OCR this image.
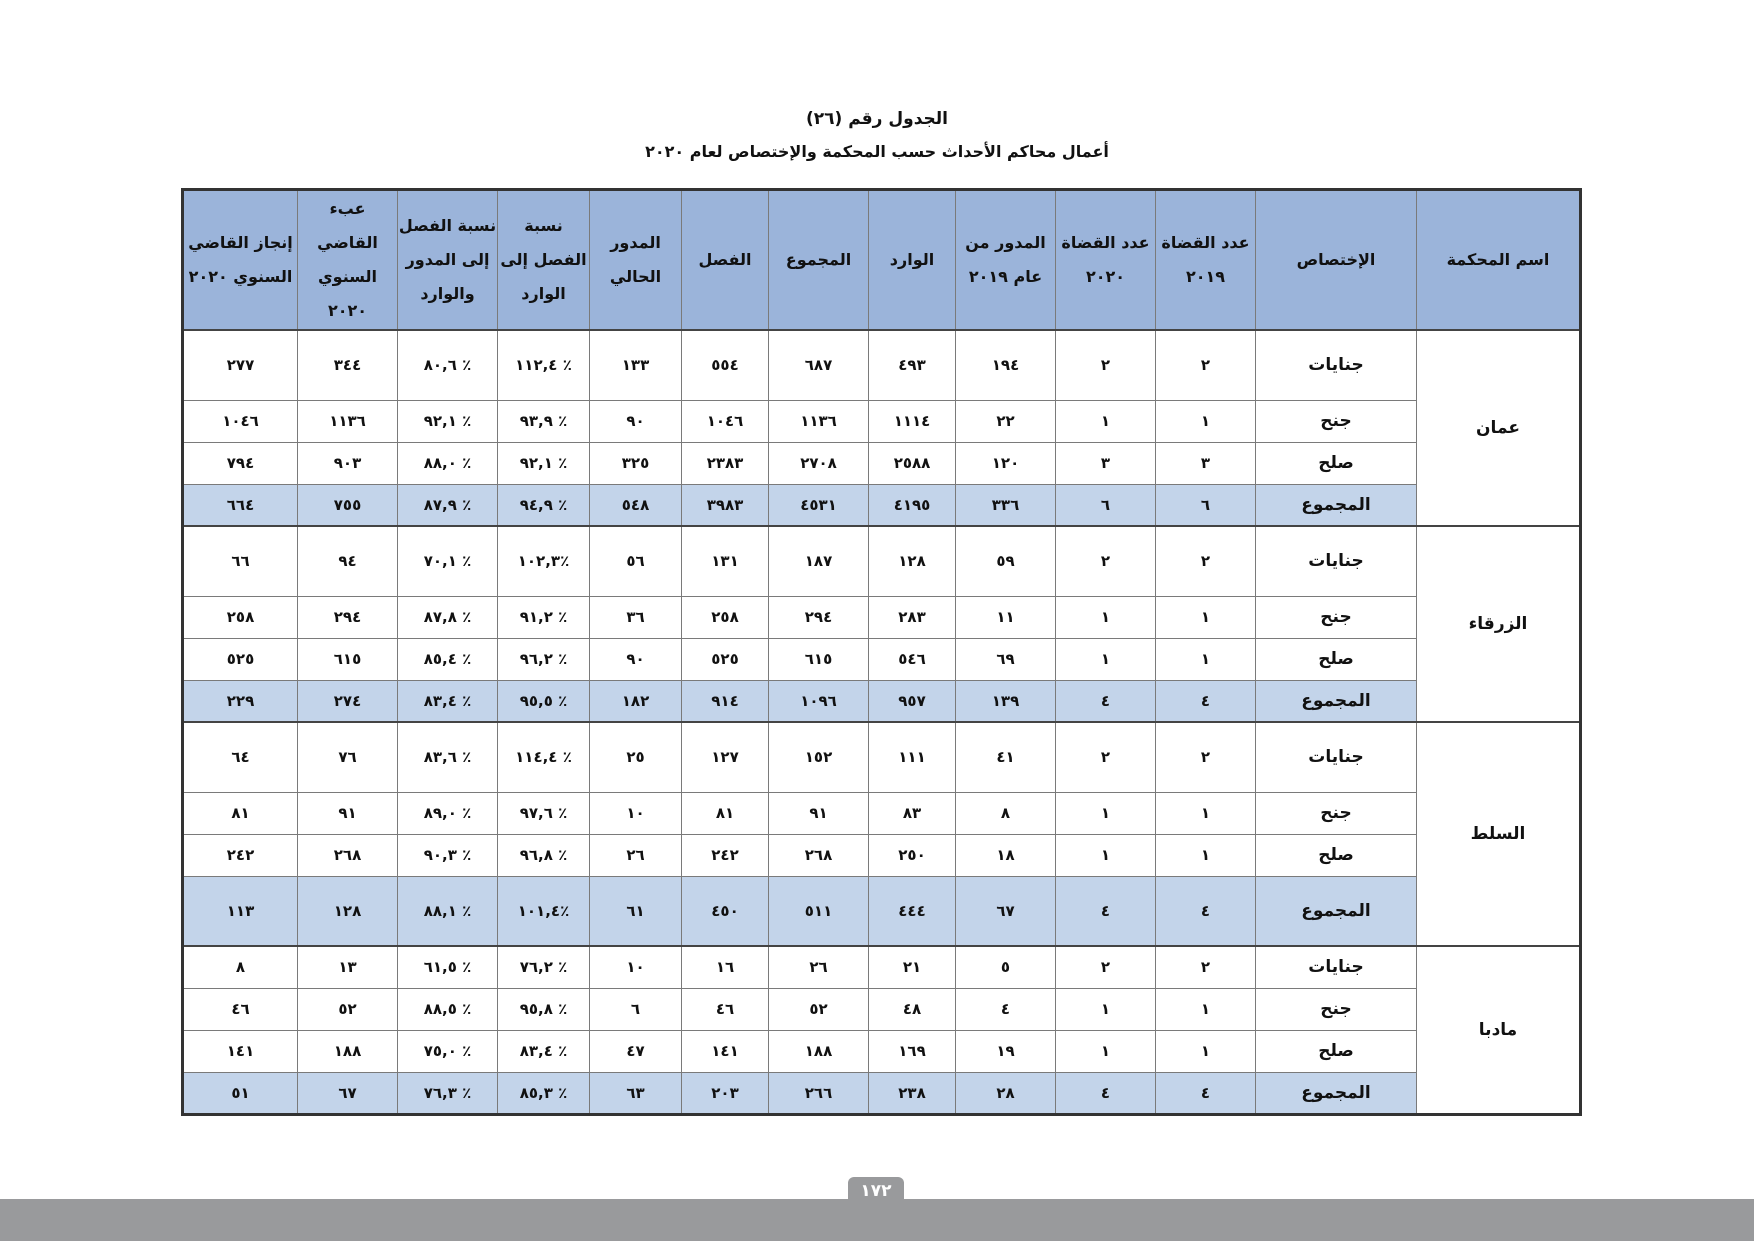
الجدول رقم (٢٦)
أعمال محاكم الأحداث حسب المحكمة والإختصاص لعام ٢٠٢٠
اسم المحكمة	الإختصاص	عدد القضاة ٢٠١٩	عدد القضاة ٢٠٢٠	المدور من عام ٢٠١٩	الوارد	المجموع	الفصل	المدور الحالي	نسبة الفصل إلى الوارد	نسبة الفصل إلى المدور والوارد	عبء القاضي السنوي ٢٠٢٠	إنجاز القاضي السنوي ٢٠٢٠
عمان	جنايات	٢	٢	١٩٤	٤٩٣	٦٨٧	٥٥٤	١٣٣	٪ ١١٢,٤	٪ ٨٠,٦	٣٤٤	٢٧٧
	جنح	١	١	٢٢	١١١٤	١١٣٦	١٠٤٦	٩٠	٪ ٩٣,٩	٪ ٩٢,١	١١٣٦	١٠٤٦
	صلح	٣	٣	١٢٠	٢٥٨٨	٢٧٠٨	٢٣٨٣	٣٢٥	٪ ٩٢,١	٪ ٨٨,٠	٩٠٣	٧٩٤
	المجموع	٦	٦	٣٣٦	٤١٩٥	٤٥٣١	٣٩٨٣	٥٤٨	٪ ٩٤,٩	٪ ٨٧,٩	٧٥٥	٦٦٤
الزرقاء	جنايات	٢	٢	٥٩	١٢٨	١٨٧	١٣١	٥٦	٪١٠٢,٣	٪ ٧٠,١	٩٤	٦٦
	جنح	١	١	١١	٢٨٣	٢٩٤	٢٥٨	٣٦	٪ ٩١,٢	٪ ٨٧,٨	٢٩٤	٢٥٨
	صلح	١	١	٦٩	٥٤٦	٦١٥	٥٢٥	٩٠	٪ ٩٦,٢	٪ ٨٥,٤	٦١٥	٥٢٥
	المجموع	٤	٤	١٣٩	٩٥٧	١٠٩٦	٩١٤	١٨٢	٪ ٩٥,٥	٪ ٨٣,٤	٢٧٤	٢٢٩
السلط	جنايات	٢	٢	٤١	١١١	١٥٢	١٢٧	٢٥	٪ ١١٤,٤	٪ ٨٣,٦	٧٦	٦٤
	جنح	١	١	٨	٨٣	٩١	٨١	١٠	٪ ٩٧,٦	٪ ٨٩,٠	٩١	٨١
	صلح	١	١	١٨	٢٥٠	٢٦٨	٢٤٢	٢٦	٪ ٩٦,٨	٪ ٩٠,٣	٢٦٨	٢٤٢
	المجموع	٤	٤	٦٧	٤٤٤	٥١١	٤٥٠	٦١	٪١٠١,٤	٪ ٨٨,١	١٢٨	١١٣
مادبا	جنايات	٢	٢	٥	٢١	٢٦	١٦	١٠	٪ ٧٦,٢	٪ ٦١,٥	١٣	٨
	جنح	١	١	٤	٤٨	٥٢	٤٦	٦	٪ ٩٥,٨	٪ ٨٨,٥	٥٢	٤٦
	صلح	١	١	١٩	١٦٩	١٨٨	١٤١	٤٧	٪ ٨٣,٤	٪ ٧٥,٠	١٨٨	١٤١
	المجموع	٤	٤	٢٨	٢٣٨	٢٦٦	٢٠٣	٦٣	٪ ٨٥,٣	٪ ٧٦,٣	٦٧	٥١
١٧٢
